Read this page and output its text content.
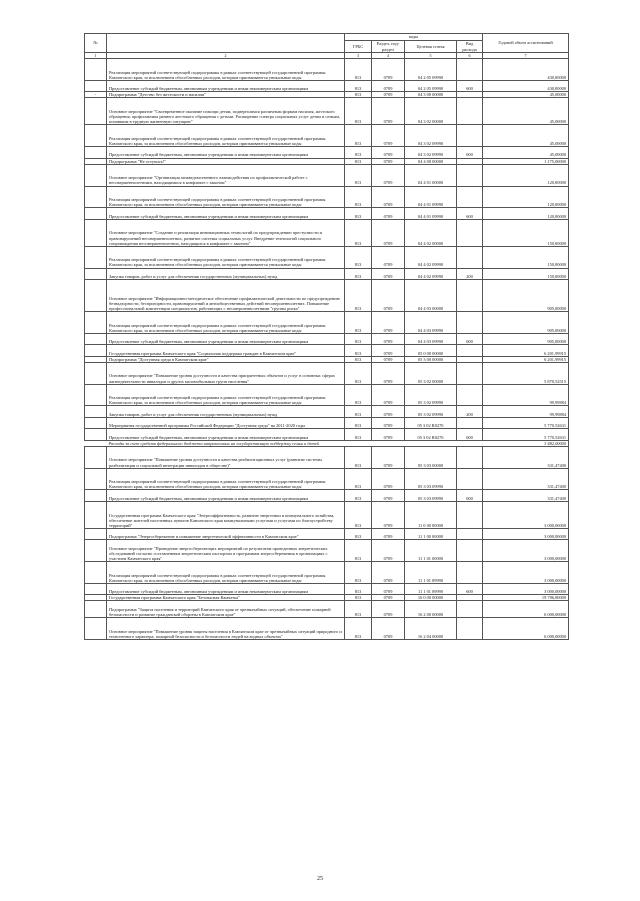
№		коды				Годовой объем ассигнований
		ГРБС	Раздел, под-раздел	Целевая статья	Вид расхода	
1	2	3	4	5	6	7
	Реализация мероприятий соответствующей подпрограммы в рамках соответствующей государственной программы Камчатского края, за исключением обособленных расходов, которым присваиваются уникальные коды	813	0709	04 2 05 09990		430,00000
	Предоставление субсидий бюджетным, автономным учреждениям и иным некоммерческим организациям	813	0709	04 2 05 09990	600	430,00000
-	Подпрограмма "Детство без жестокости и насилия"	813	0709	04 3 00 00000		45,00000
	Основное мероприятие "Своевременное оказание помощи детям, подвергшимся различным формам насилия, жестокого обращения, профилактика раннего жестокого обращения с детьми. Расширение спектра социальных услуг детям и семьям, попавшим в трудную жизненную ситуацию"	813	0709	04 3 02 00000		45,00000
	Реализация мероприятий соответствующей подпрограммы в рамках соответствующей государственной программы Камчатского края, за исключением обособленных расходов, которым присваиваются уникальные коды	813	0709	04 3 02 09990		45,00000
	Предоставление субсидий бюджетным, автономным учреждениям и иным некоммерческим организациям	813	0709	04 3 02 09990	600	45,00000
	Подпрограмма "Не оступись!"	813	0709	04 4 00 00000		1 175,00000
	Основное мероприятие "Организация межведомственного взаимодействия по профилактической работе с несовершеннолетними, находящимися в конфликте с законом"	813	0709	04 4 01 00000		120,00000
	Реализация мероприятий соответствующей подпрограммы в рамках соответствующей государственной программы Камчатского края, за исключением обособленных расходов, которым присваиваются уникальные коды	813	0709	04 4 01 09990		120,00000
	Предоставление субсидий бюджетным, автономным учреждениям и иным некоммерческим организациям	813	0709	04 4 01 09990	600	120,00000
	Основное мероприятие "Создание и реализация инновационных технологий по предупреждению преступности и правонарушений несовершеннолетних, развитие системы социальных услуг. Внедрение технологий социального сопровождения несовершеннолетних, находящихся в конфликте с законом"	813	0709	04 4 02 00000		150,00000
	Реализация мероприятий соответствующей подпрограммы в рамках соответствующей государственной программы Камчатского края, за исключением обособленных расходов, которым присваиваются уникальные коды	813	0709	04 4 02 09990		150,00000
	Закупка товаров, работ и услуг для обеспечения государственных (муниципальных) нужд	813	0709	04 4 02 09990	200	150,00000
	Основное мероприятие "Информационно-методическое обеспечение профилактической деятельности по предупреждению безнадзорности, беспризорности, правонарушений и антиобщественных действий несовершеннолетних. Повышение профессиональной компетенции специалистов, работающих с несовершеннолетними "группы риска"	813	0709	04 4 03 00000		905,00000
	Реализация мероприятий соответствующей подпрограммы в рамках соответствующей государственной программы Камчатского края, за исключением обособленных расходов, которым присваиваются уникальные коды	813	0709	04 4 03 09990		905,00000
	Предоставление субсидий бюджетным, автономным учреждениям и иным некоммерческим организациям	813	0709	04 4 03 09990	600	905,00000
	Государственная программа Камчатского края "Социальная поддержка граждан в Камчатском крае"	813	0709	05 0 00 00000		6 201,99915
	Подпрограмма "Доступная среда в Камчатском крае"	813	0709	05 3 00 00000		6 201,99915
	Основное мероприятие "Повышение уровня доступности и качества приоритетных объектов и услуг в основных сферах жизнедеятельности инвалидов и других маломобильных групп населения"	813	0709	05 3 02 00000		5 870,52515
	Реализация мероприятий соответствующей подпрограммы в рамках соответствующей государственной программы Камчатского края, за исключением обособленных расходов, которым присваиваются уникальные коды	813	0709	05 3 02 09990		99,99884
	Закупка товаров, работ и услуг для обеспечения государственных (муниципальных) нужд	813	0709	05 3 02 09990	200	99,99884
	Мероприятия государственной программы Российской Федерации "Доступная среда" на 2011-2020 годы	813	0709	05 3 02 R0270		5 770,52631
	Предоставление субсидий бюджетным, автономным учреждениям и иным некоммерческим организациям	813	0709	05 3 02 R0270	600	5 770,52631
	Расходы за счет средств федерального бюджета направленных на государственную поддержку семьи и детей					3 482,00000
	Основное мероприятие "Повышение уровня доступности и качества реабилитационных услуг (развитие системы реабилитации и социальной интеграции инвалидов в обществе)"	813	0709	05 3 03 00000		331,47400
	Реализация мероприятий соответствующей подпрограммы в рамках соответствующей государственной программы Камчатского края, за исключением обособленных расходов, которым присваиваются уникальные коды	813	0709	05 3 03 09990		331,47400
	Предоставление субсидий бюджетным, автономным учреждениям и иным некоммерческим организациям	813	0709	05 3 03 09990	600	331,47400
	Государственная программа Камчатского края "Энергоэффективность, развитие энергетики и коммунального хозяйства, обеспечение жителей населенных пунктов Камчатского края коммунальными услугами и услугами по благоустройству территорий"	813	0709	11 0 00 00000		3 000,00000
	Подпрограмма "Энергосбережение и повышение энергетической эффективности в Камчатском крае"	813	0709	11 1 00 00000		3 000,00000
	Основное мероприятие "Проведение энергосберегающих мероприятий по результатам проведенных энергетических обследований согласно составленным энергетическим паспортам и программам энергосбережения в организациях с участием Камчатского края"	813	0709	11 1 01 00000		3 000,00000
	Реализация мероприятий соответствующей подпрограммы в рамках соответствующей государственной программы Камчатского края, за исключением обособленных расходов, которым присваиваются уникальные коды	813	0709	11 1 01 09990		3 000,00000
	Предоставление субсидий бюджетным, автономным учреждениям и иным некоммерческим организациям	813	0709	11 1 01 09990	600	3 000,00000
	Государственная программа Камчатского края "Безопасная Камчатка"	813	0709	16 0 00 00000		19 786,80000
	Подпрограмма "Защита населения и территорий Камчатского края от чрезвычайных ситуаций, обеспечение пожарной безопасности и развитие гражданской обороны в Камчатском крае"	813	0709	16 2 00 00000		6 000,00000
	Основное мероприятие "Повышение уровня защиты населения в Камчатском крае от чрезвычайных ситуаций природного и техногенного характера, пожарной безопасности и безопасности людей на водных объектах"	813	0709	16 2 04 00000		6 000,00000
25
